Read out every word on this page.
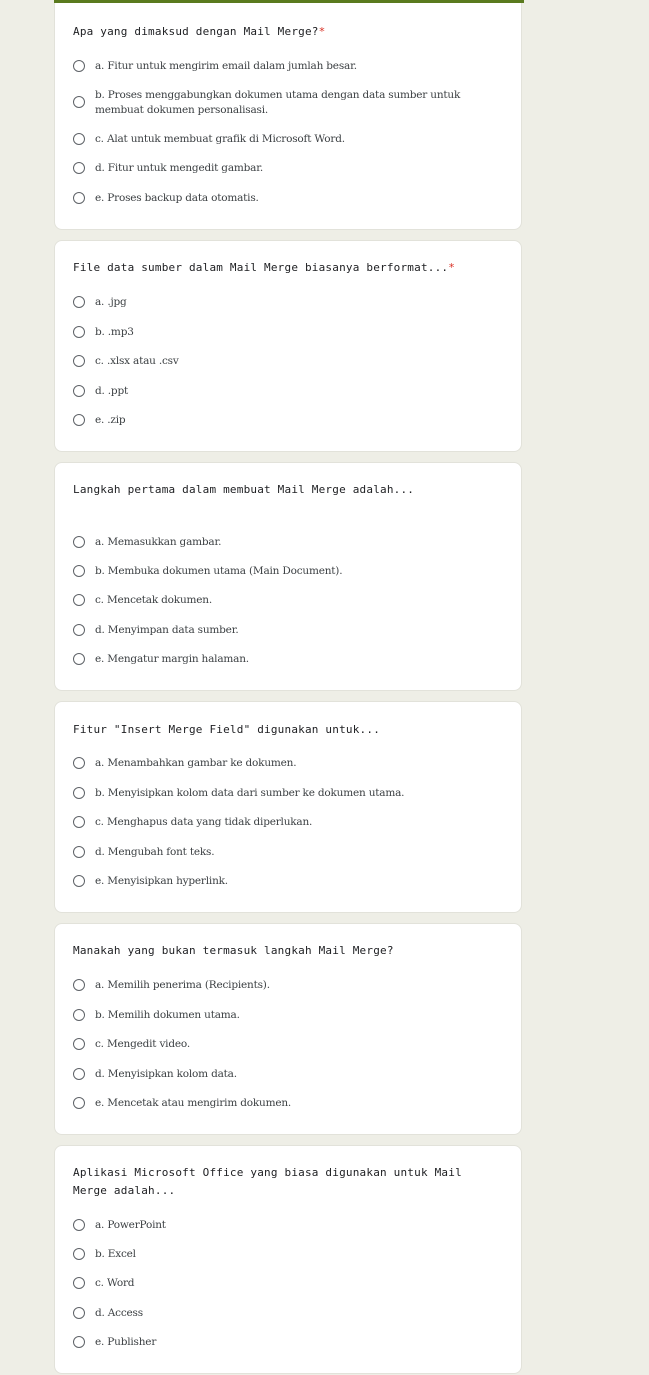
Apa yang dimaksud dengan Mail Merge?*
a. Fitur untuk mengirim email dalam jumlah besar.
b. Proses menggabungkan dokumen utama dengan data sumber untuk membuat dokumen personalisasi.
c. Alat untuk membuat grafik di Microsoft Word.
d. Fitur untuk mengedit gambar.
e. Proses backup data otomatis.
File data sumber dalam Mail Merge biasanya berformat...*
a. .jpg
b. .mp3
c. .xlsx atau .csv
d. .ppt
e. .zip
Langkah pertama dalam membuat Mail Merge adalah...
a. Memasukkan gambar.
b. Membuka dokumen utama (Main Document).
c. Mencetak dokumen.
d. Menyimpan data sumber.
e. Mengatur margin halaman.
Fitur "Insert Merge Field" digunakan untuk...
a. Menambahkan gambar ke dokumen.
b. Menyisipkan kolom data dari sumber ke dokumen utama.
c. Menghapus data yang tidak diperlukan.
d. Mengubah font teks.
e. Menyisipkan hyperlink.
Manakah yang bukan termasuk langkah Mail Merge?
a. Memilih penerima (Recipients).
b. Memilih dokumen utama.
c. Mengedit video.
d. Menyisipkan kolom data.
e. Mencetak atau mengirim dokumen.
Aplikasi Microsoft Office yang biasa digunakan untuk Mail Merge adalah...
a. PowerPoint
b. Excel
c. Word
d. Access
e. Publisher
